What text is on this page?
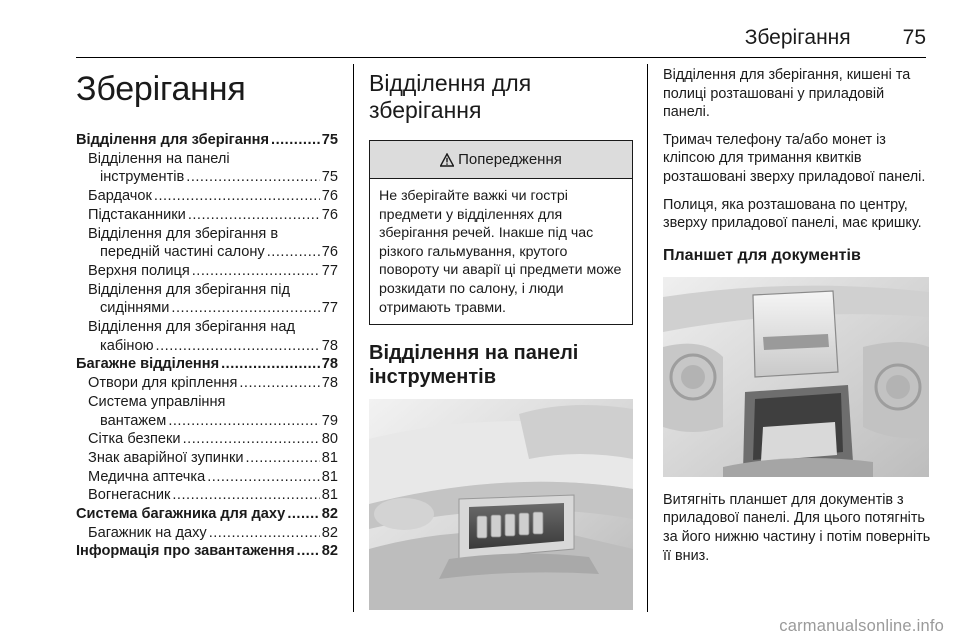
Зберігання 75
Зберігання
Відділення для зберігання .....	75
Відділення на панелі
інструментів .....	75
Бардачок .....	76
Підстаканники .....	76
Відділення для зберігання в
передній частині салону .....	76
Верхня полиця .....	77
Відділення для зберігання під
сидіннями .....	77
Відділення для зберігання над
кабіною .....	78
Багажне відділення .....	78
Отвори для кріплення .....	78
Система управління
вантажем .....	79
Сітка безпеки .....	80
Знак аварійної зупинки .....	81
Медична аптечка .....	81
Вогнегасник .....	81
Система багажника для даху ..... 82
Багажник на даху .....	82
Інформація про завантаження ..... 82
Відділення для
зберігання
Попередження
Не зберігайте важкі чи гострі предмети у відділеннях для зберігання речей. Інакше під час різкого гальмування, крутого повороту чи аварії ці предмети може розкидати по салону, і люди отримають травми.
Відділення на панелі
інструментів

Відділення для зберігання, кишені та полиці розташовані у приладовій панелі.

Тримач телефону та/або монет із кліпсою для тримання квитків розташовані зверху приладової панелі.

Полиця, яка розташована по центру, зверху приладової панелі, має кришку.

Планшет для документів

Витягніть планшет для документів з приладової панелі. Для цього потягніть за його нижню частину і потім поверніть її вниз.

carmanualsonline.info
